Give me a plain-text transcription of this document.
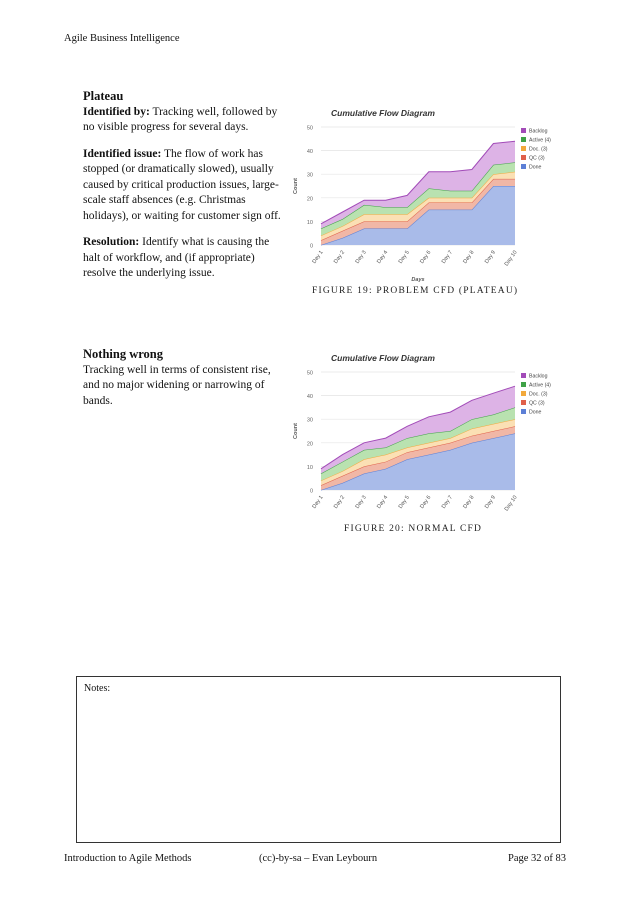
Agile Business Intelligence
Plateau

Identified by: Tracking well, followed by no visible progress for several days.

Identified issue: The flow of work has stopped (or dramatically slowed), usually caused by critical production issues, large-scale staff absences (e.g. Christmas holidays), or waiting for customer sign off.

Resolution: Identify what is causing the halt of workflow, and (if appropriate) resolve the underlying issue.

Nothing wrong

Tracking well in terms of consistent rise, and no major widening or narrowing of bands.

Cumulative Flow Diagram
0
10
20
30
40
50
Count
Day 1 Day 2 Day 3 Day 4 Day 5 Day 6 Day 7 Day 8 Day 9 Day 10
Days
Backlog
Active (4)
Doc. (3)
QC (3)
Done
FIGURE 19: PROBLEM CFD (PLATEAU)
Cumulative Flow Diagram
0
10
20
30
40
50
Count
Day 1 Day 2 Day 3 Day 4 Day 5 Day 6 Day 7 Day 8 Day 9 Day 10
Backlog
Active (4)
Doc. (3)
QC (3)
Done
FIGURE 20: NORMAL CFD
Notes:
Introduction to Agile Methods	(cc)-by-sa – Evan Leybourn	Page 32 of 83
